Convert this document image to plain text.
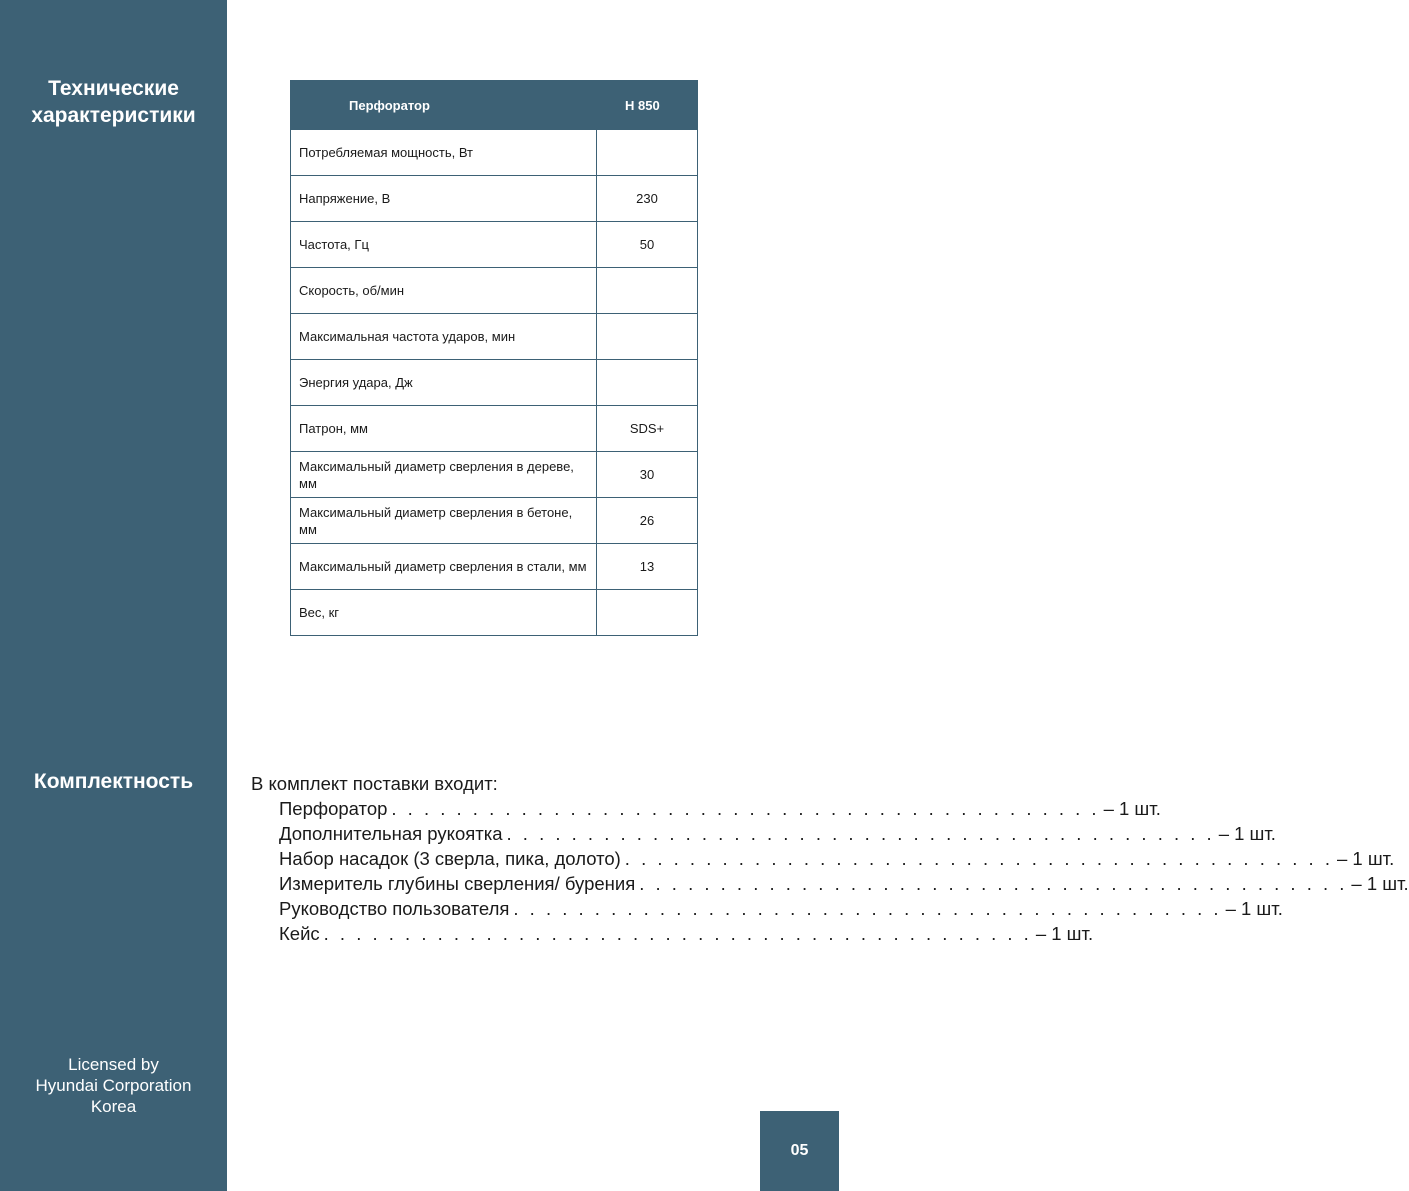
Технические
характеристики
Комплектность
Licensed by
Hyundai Corporation
Korea
Перфоратор	H 850
Потребляемая мощность, Вт	
Напряжение, В	230
Частота, Гц	50
Скорость, об/мин	
Максимальная частота ударов, мин	
Энергия удара, Дж	
Патрон, мм	SDS+
Максимальный диаметр сверления в дереве, мм	30
Максимальный диаметр сверления в бетоне, мм	26
Максимальный диаметр сверления в стали, мм	13
Вес, кг	
В комплект поставки входит:
Перфоратор . . . . . . . . . . . . . . . . . . . . . . . . . . . . . . . . . . . . . . . . . . . . – 1 шт.
Дополнительная рукоятка . . . . . . . . . . . . . . . . . . . . . . . . . . . . . . . . . . . . . . . . . . . . – 1 шт.
Набор насадок (3 сверла, пика, долото) . . . . . . . . . . . . . . . . . . . . . . . . . . . . . . . . . . . . . . . . . . . . – 1 шт.
Измеритель глубины сверления/ бурения . . . . . . . . . . . . . . . . . . . . . . . . . . . . . . . . . . . . . . . . . . . . – 1 шт.
Руководство пользователя . . . . . . . . . . . . . . . . . . . . . . . . . . . . . . . . . . . . . . . . . . . . – 1 шт.
Кейс . . . . . . . . . . . . . . . . . . . . . . . . . . . . . . . . . . . . . . . . . . . . – 1 шт.
05
